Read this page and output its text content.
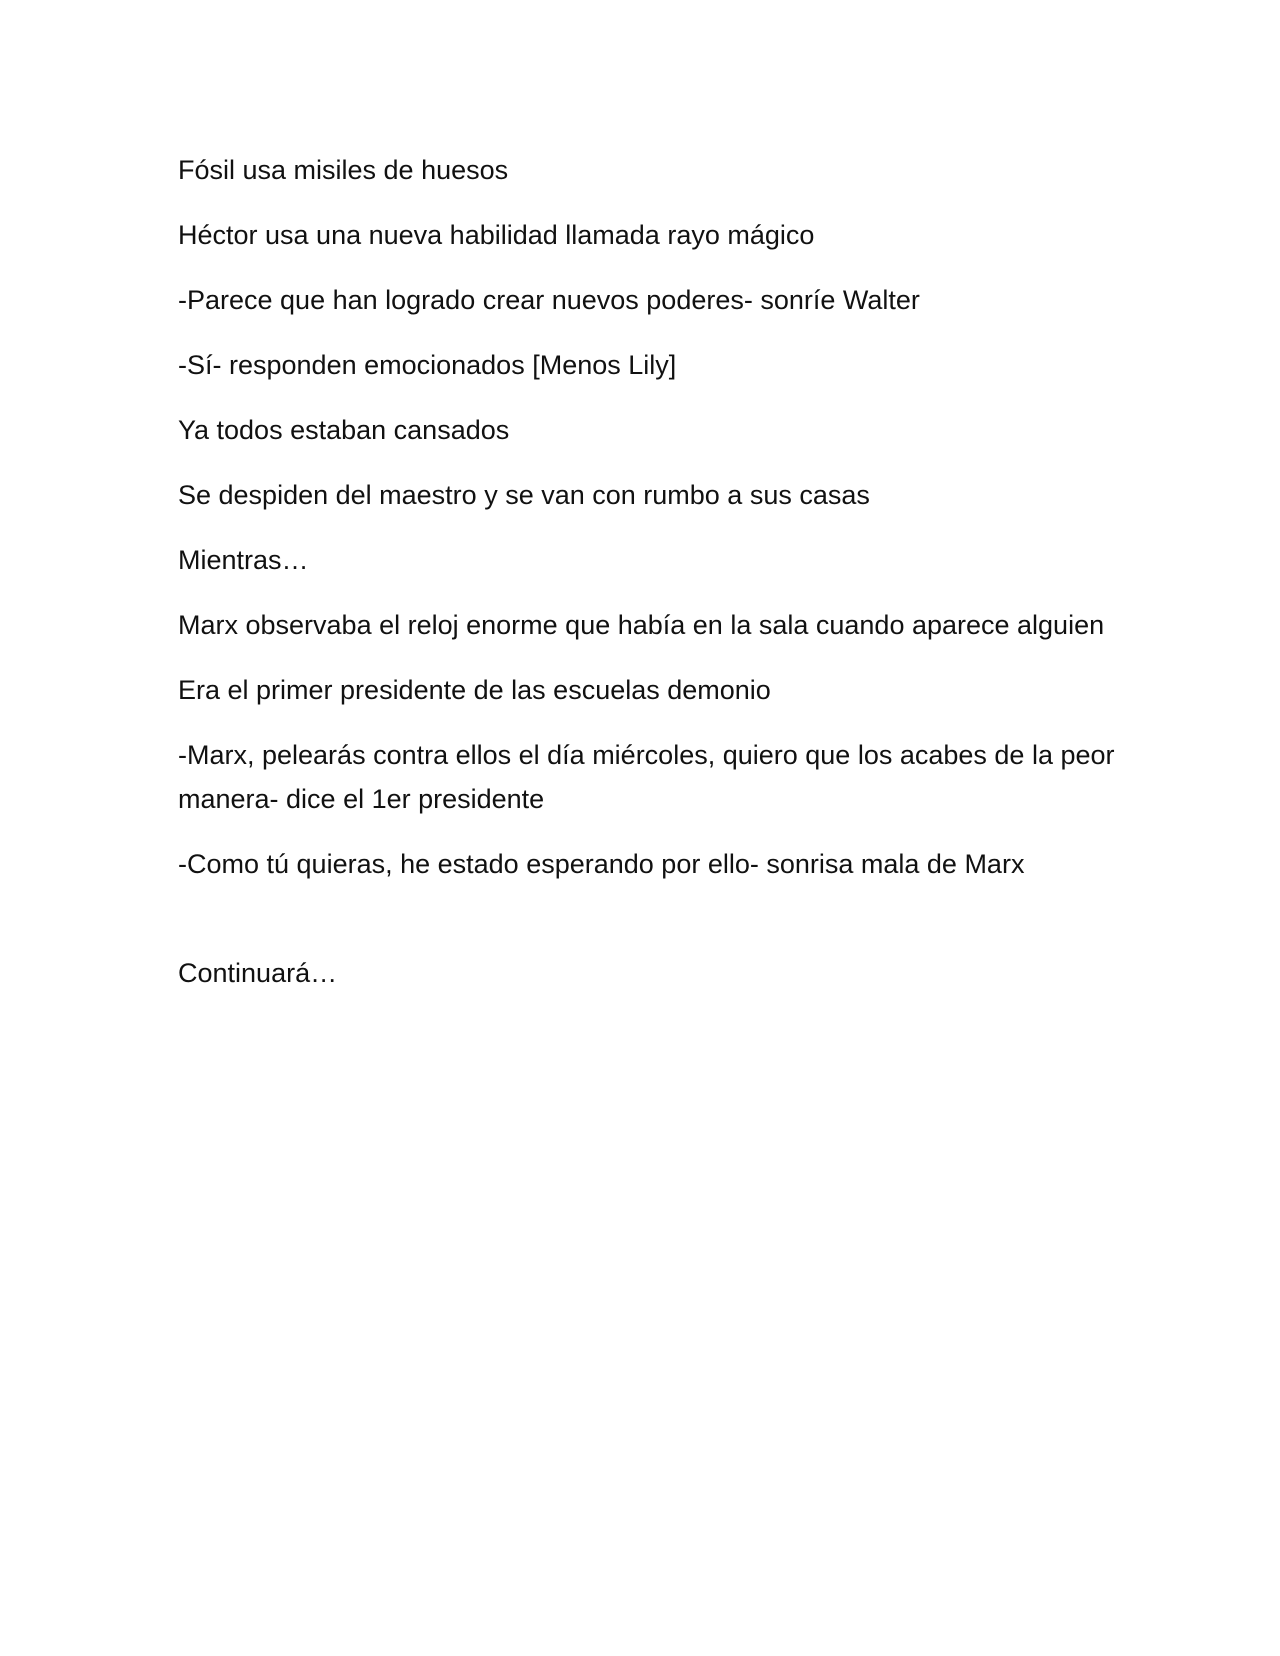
Fósil usa misiles de huesos

Héctor usa una nueva habilidad llamada rayo mágico

-Parece que han logrado crear nuevos poderes- sonríe Walter

-Sí- responden emocionados [Menos Lily]

Ya todos estaban cansados

Se despiden del maestro y se van con rumbo a sus casas

Mientras…

Marx observaba el reloj enorme que había en la sala cuando aparece alguien

Era el primer presidente de las escuelas demonio

-Marx, pelearás contra ellos el día miércoles, quiero que los acabes de la peor manera- dice el 1er presidente

-Como tú quieras, he estado esperando por ello- sonrisa mala de Marx

Continuará…
